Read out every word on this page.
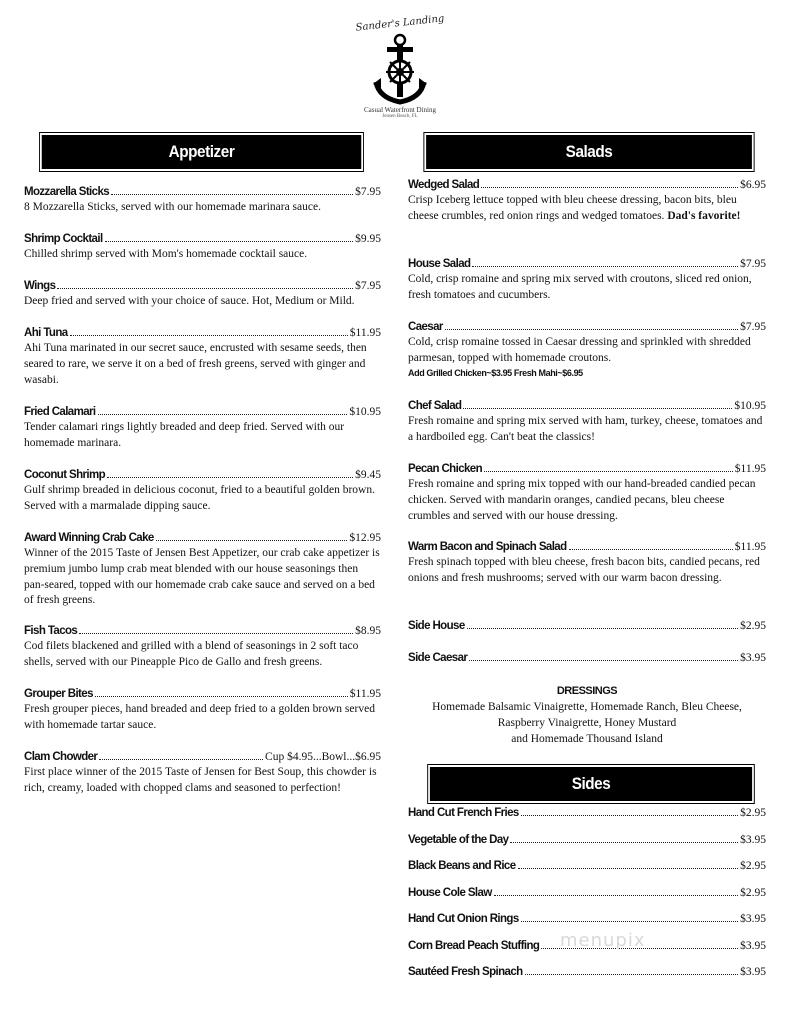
Sander's Landing
Casual Waterfront Dining
Jensen Beach, FL
Appetizer	Salads
Sides
Mozzarella Sticks	$7.95

8 Mozzarella Sticks, served with our homemade marinara sauce.

Shrimp Cocktail	$9.95

Chilled shrimp served with Mom's homemade cocktail sauce.

Wings	$7.95

Deep fried and served with your choice of sauce. Hot, Medium or Mild.

Ahi Tuna	$11.95

Ahi Tuna marinated in our secret sauce, encrusted with sesame seeds, then seared to rare, we serve it on a bed of fresh greens, served with ginger and wasabi.

Fried Calamari	$10.95

Tender calamari rings lightly breaded and deep fried. Served with our homemade marinara.

Coconut Shrimp	$9.45

Gulf shrimp breaded in delicious coconut, fried to a beautiful golden brown. Served with a marmalade dipping sauce.

Award Winning Crab Cake	$12.95

Winner of the 2015 Taste of Jensen Best Appetizer, our crab cake appetizer is premium jumbo lump crab meat blended with our house seasonings then pan-seared, topped with our homemade crab cake sauce and served on a bed of fresh greens.

Fish Tacos	$8.95

Cod filets blackened and grilled with a blend of seasonings in 2 soft taco shells, served with our Pineapple Pico de Gallo and fresh greens.

Grouper Bites	$11.95

Fresh grouper pieces, hand breaded and deep fried to a golden brown served with homemade tartar sauce.

Clam Chowder	Cup $4.95...Bowl...$6.95

First place winner of the 2015 Taste of Jensen for Best Soup, this chowder is rich, creamy, loaded with chopped clams and seasoned to perfection!

Wedged Salad	$6.95

Crisp Iceberg lettuce topped with bleu cheese dressing, bacon bits, bleu cheese crumbles, red onion rings and wedged tomatoes. Dad's favorite!

House Salad	$7.95

Cold, crisp romaine and spring mix served with croutons, sliced red onion, fresh tomatoes and cucumbers.

Caesar	$7.95

Cold, crisp romaine tossed in Caesar dressing and sprinkled with shredded parmesan, topped with homemade croutons.

Add Grilled Chicken~$3.95 Fresh Mahi~$6.95
Chef Salad	$10.95

Fresh romaine and spring mix served with ham, turkey, cheese, tomatoes and a hardboiled egg. Can't beat the classics!

Pecan Chicken	$11.95

Fresh romaine and spring mix topped with our hand-breaded candied pecan chicken. Served with mandarin oranges, candied pecans, bleu cheese crumbles and served with our house dressing.

Warm Bacon and Spinach Salad	$11.95

Fresh spinach topped with bleu cheese, fresh bacon bits, candied pecans, red onions and fresh mushrooms; served with our warm bacon dressing.

Side House	$2.95
Side Caesar	$3.95
DRESSINGS
Homemade Balsamic Vinaigrette, Homemade Ranch, Bleu Cheese,
Raspberry Vinaigrette, Honey Mustard
and Homemade Thousand Island
Hand Cut French Fries	$2.95
Vegetable of the Day	$3.95
Black Beans and Rice	$2.95
House Cole Slaw	$2.95
Hand Cut Onion Rings	$3.95
Corn Bread Peach Stuffing	$3.95
Sautéed Fresh Spinach	$3.95
menupix
